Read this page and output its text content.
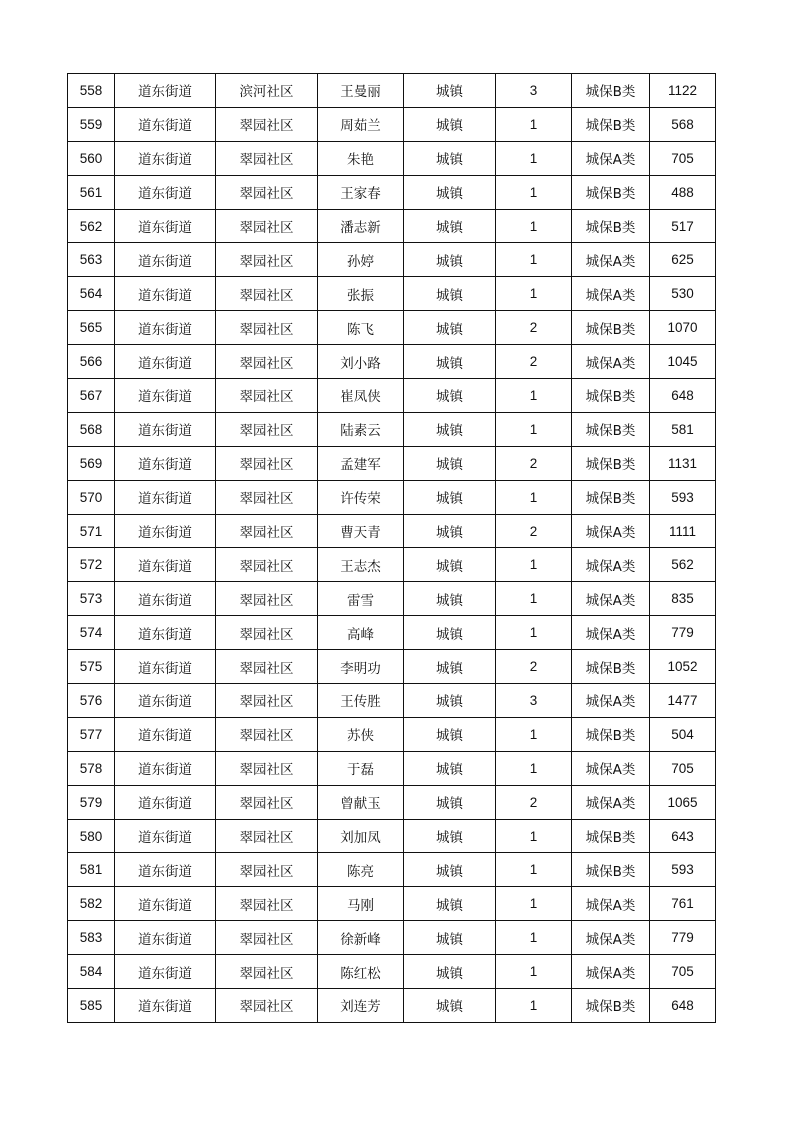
558	道东街道	滨河社区	王曼丽	城镇	3	城保B类	1122
559	道东街道	翠园社区	周茹兰	城镇	1	城保B类	568
560	道东街道	翠园社区	朱艳	城镇	1	城保A类	705
561	道东街道	翠园社区	王家春	城镇	1	城保B类	488
562	道东街道	翠园社区	潘志新	城镇	1	城保B类	517
563	道东街道	翠园社区	孙婷	城镇	1	城保A类	625
564	道东街道	翠园社区	张振	城镇	1	城保A类	530
565	道东街道	翠园社区	陈飞	城镇	2	城保B类	1070
566	道东街道	翠园社区	刘小路	城镇	2	城保A类	1045
567	道东街道	翠园社区	崔凤侠	城镇	1	城保B类	648
568	道东街道	翠园社区	陆素云	城镇	1	城保B类	581
569	道东街道	翠园社区	孟建军	城镇	2	城保B类	1131
570	道东街道	翠园社区	许传荣	城镇	1	城保B类	593
571	道东街道	翠园社区	曹天青	城镇	2	城保A类	1111
572	道东街道	翠园社区	王志杰	城镇	1	城保A类	562
573	道东街道	翠园社区	雷雪	城镇	1	城保A类	835
574	道东街道	翠园社区	高峰	城镇	1	城保A类	779
575	道东街道	翠园社区	李明功	城镇	2	城保B类	1052
576	道东街道	翠园社区	王传胜	城镇	3	城保A类	1477
577	道东街道	翠园社区	苏侠	城镇	1	城保B类	504
578	道东街道	翠园社区	于磊	城镇	1	城保A类	705
579	道东街道	翠园社区	曾献玉	城镇	2	城保A类	1065
580	道东街道	翠园社区	刘加凤	城镇	1	城保B类	643
581	道东街道	翠园社区	陈亮	城镇	1	城保B类	593
582	道东街道	翠园社区	马刚	城镇	1	城保A类	761
583	道东街道	翠园社区	徐新峰	城镇	1	城保A类	779
584	道东街道	翠园社区	陈红松	城镇	1	城保A类	705
585	道东街道	翠园社区	刘连芳	城镇	1	城保B类	648
